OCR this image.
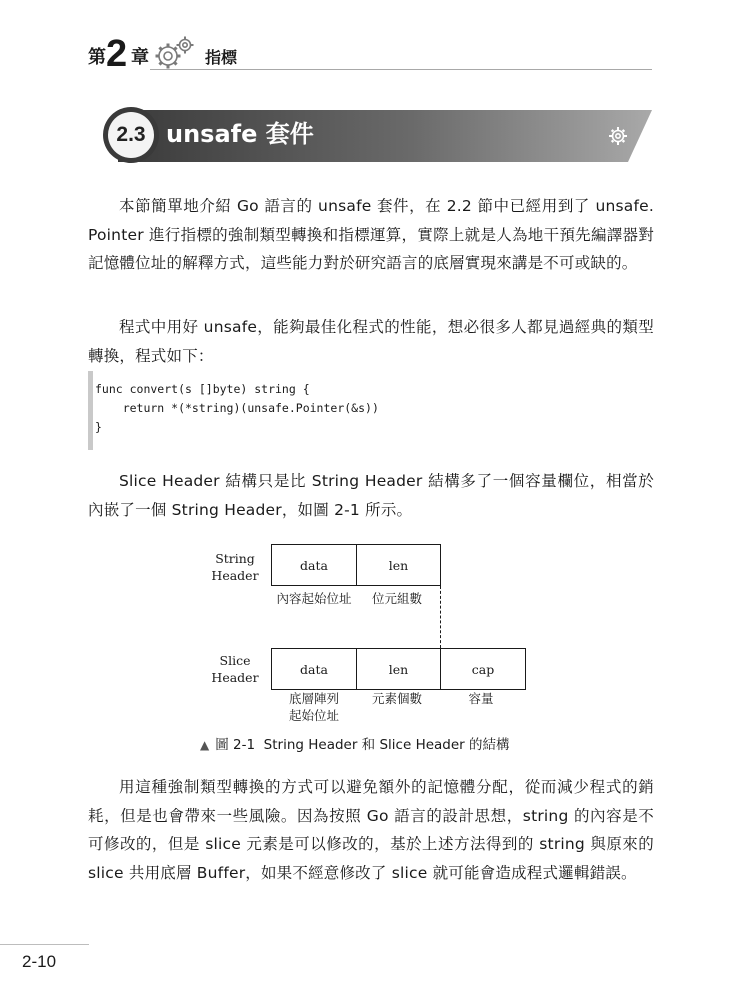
第 2 章	指標
2.3 unsafe 套件

本節簡單地介紹 Go 語言的 unsafe 套件，在 2.2 節中已經用到了 unsafe. Pointer 進行指標的強制類型轉換和指標運算，實際上就是人為地干預先編譯器對記憶體位址的解釋方式，這些能力對於研究語言的底層實現來講是不可或缺的。

程式中用好 unsafe，能夠最佳化程式的性能，想必很多人都見過經典的類型轉換，程式如下：

func convert(s []byte) string {
return *(*string)(unsafe.Pointer(&s))
}

Slice Header 結構只是比 String Header 結構多了一個容量欄位，相當於內嵌了一個 String Header，如圖 2-1 所示。

String
Header
data	len
內容起始位址	位元組數
Slice
Header
data	len	cap
底層陣列
起始位址
元素個數	容量
▲ 圖 2-1  String Header 和 Slice Header 的結構

用這種強制類型轉換的方式可以避免額外的記憶體分配，從而減少程式的銷耗，但是也會帶來一些風險。因為按照 Go 語言的設計思想，string 的內容是不可修改的，但是 slice 元素是可以修改的，基於上述方法得到的 string 與原來的 slice 共用底層 Buffer，如果不經意修改了 slice 就可能會造成程式邏輯錯誤。

2-10
